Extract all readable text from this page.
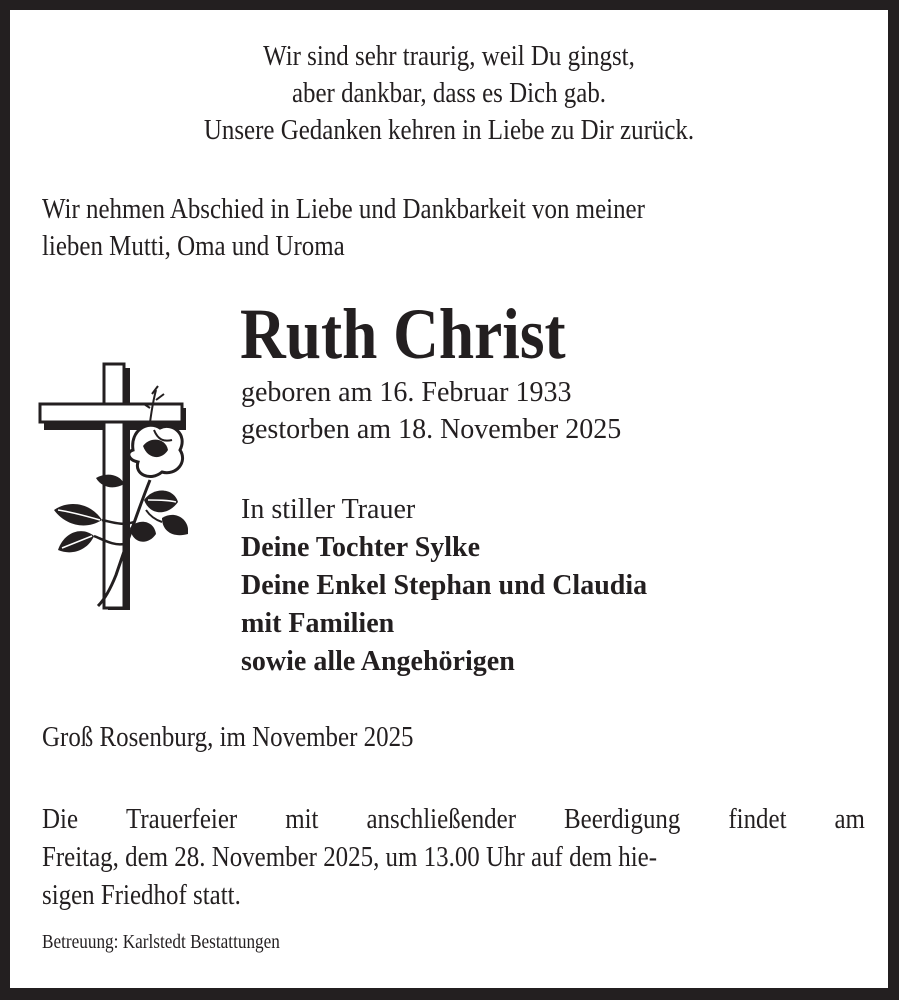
Wir sind sehr traurig, weil Du gingst,
aber dankbar, dass es Dich gab.
Unsere Gedanken kehren in Liebe zu Dir zurück.
Wir nehmen Abschied in Liebe und Dankbarkeit von meiner
lieben Mutti, Oma und Uroma
Ruth Christ
geboren am 16. Februar 1933
gestorben am 18. November 2025
In stiller Trauer
Deine Tochter Sylke
Deine Enkel Stephan und Claudia
mit Familien
sowie alle Angehörigen
Groß Rosenburg, im November 2025
Die Trauerfeier mit anschließender Beerdigung findet am
Freitag, dem 28. November 2025, um 13.00 Uhr auf dem hie-
sigen Friedhof statt.
Betreuung: Karlstedt Bestattungen
